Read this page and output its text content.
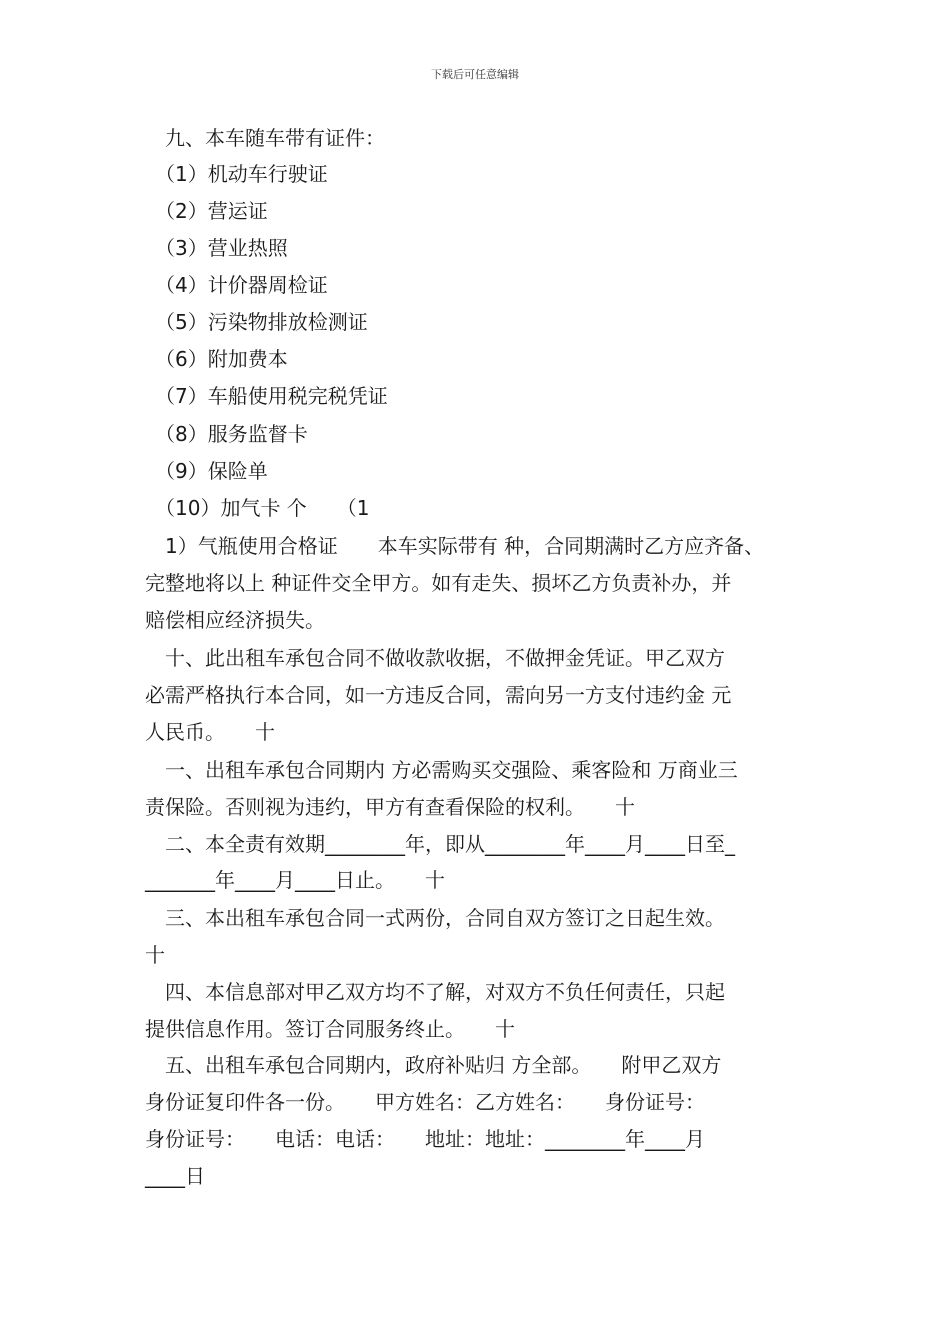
下载后可任意编辑
　九、本车随车带有证件：
　（1）机动车行驶证
　（2）营运证
　（3）营业热照
　（4）计价器周检证
　（5）污染物排放检测证
　（6）附加费本
　（7）车船使用税完税凭证
　（8）服务监督卡
　（9）保险单
　（10）加气卡 个　　（1
　1）气瓶使用合格证　　本车实际带有 种，合同期满时乙方应齐备、
完整地将以上 种证件交全甲方。如有走失、损坏乙方负责补办，并
赔偿相应经济损失。
　十、此出租车承包合同不做收款收据，不做押金凭证。甲乙双方
必需严格执行本合同，如一方违反合同，需向另一方支付违约金 元
人民币。　　十
　一、出租车承包合同期内 方必需购买交强险、乘客险和 万商业三
责保险。否则视为违约，甲方有查看保险的权利。　　十
　二、本全责有效期________年，即从________年____月____日至_
_______年____月____日止。　　十
　三、本出租车承包合同一式两份，合同自双方签订之日起生效。
十
　四、本信息部对甲乙双方均不了解，对双方不负任何责任，只起
提供信息作用。签订合同服务终止。　　十
　五、出租车承包合同期内，政府补贴归 方全部。　　附甲乙双方
身份证复印件各一份。　　甲方姓名：乙方姓名：　　身份证号：
身份证号：　　电话：电话：　　地址：地址：________年____月
____日
